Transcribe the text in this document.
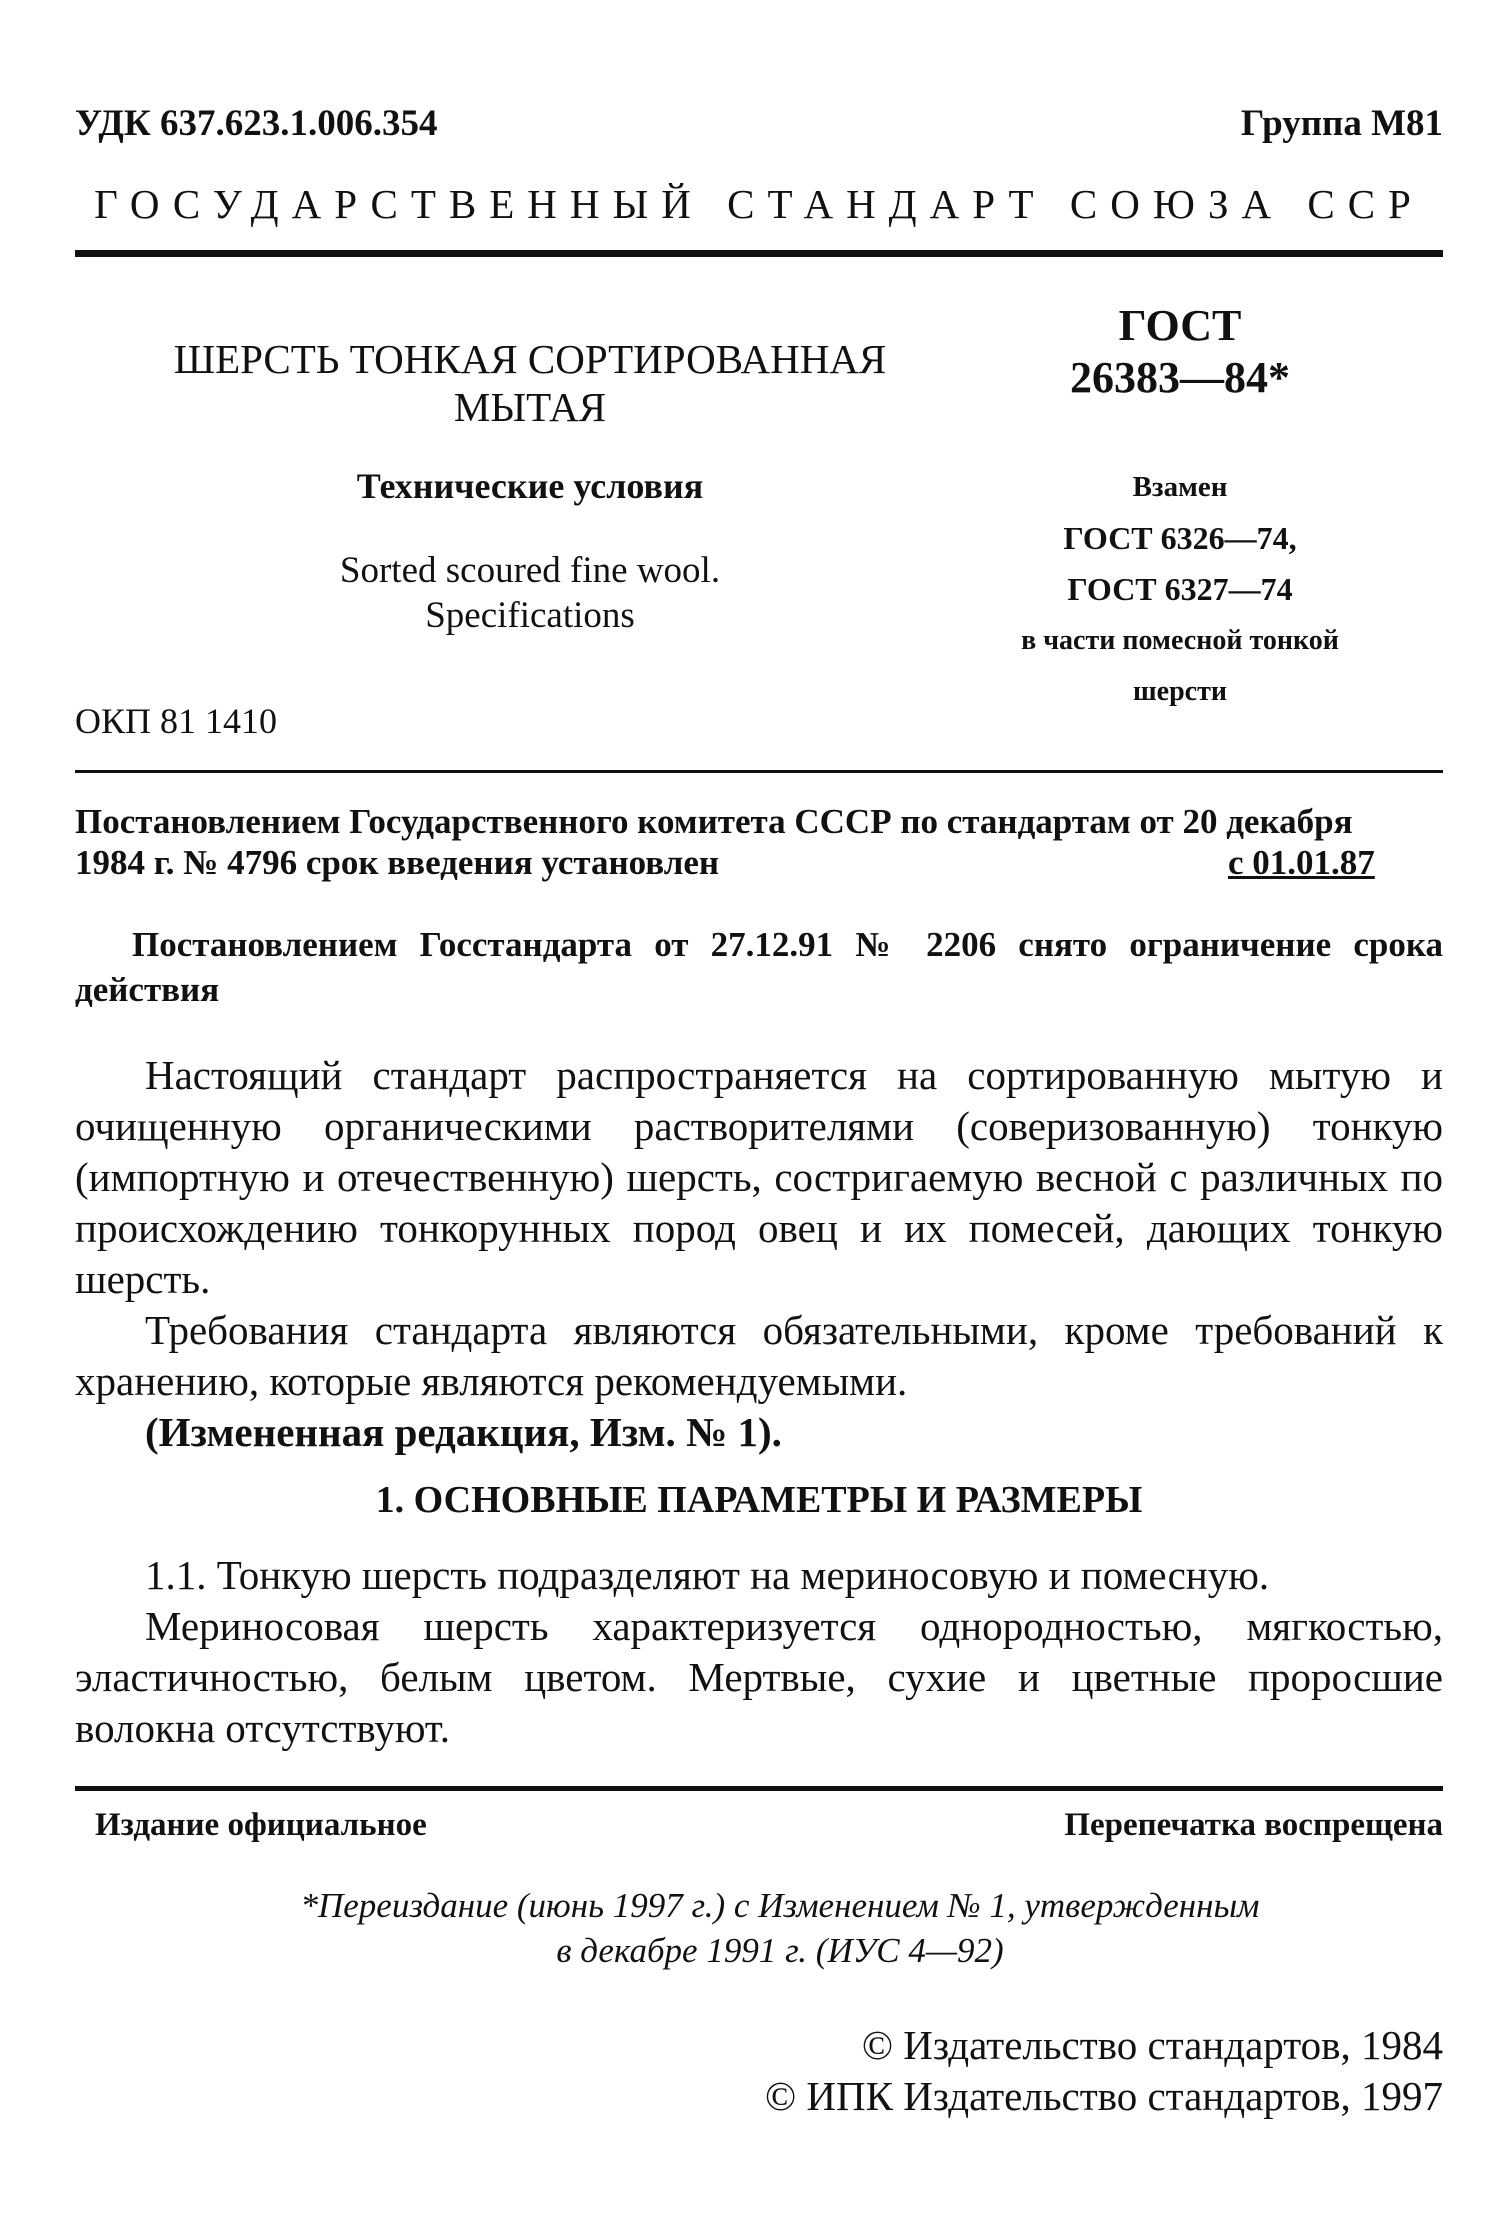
УДК 637.623.1.006.354	Группа М81
ГОСУДАРСТВЕННЫЙ СТАНДАРТ СОЮЗА ССР
ШЕРСТЬ ТОНКАЯ СОРТИРОВАННАЯ
МЫТАЯ
Технические условия
Sorted scoured fine wool.
Specifications
ОКП 81 1410
ГОСТ
26383—84*
Взамен
ГОСТ 6326—74,
ГОСТ 6327—74
в части помесной тонкой
шерсти
Постановлением Государственного комитета СССР по стандартам от 20 декабря
1984 г. № 4796 срок введения установлен	с 01.01.87
Постановлением Госстандарта от 27.12.91 № 2206 снято ограничение срока действия
Настоящий стандарт распространяется на сортированную мытую и очищенную органическими растворителями (соверизованную) тонкую (импортную и отечественную) шерсть, состригаемую весной с различных по происхождению тонкорунных пород овец и их помесей, дающих тонкую шерсть.
Требования стандарта являются обязательными, кроме требований к хранению, которые являются рекомендуемыми.
(Измененная редакция, Изм. № 1).
1. ОСНОВНЫЕ ПАРАМЕТРЫ И РАЗМЕРЫ
1.1. Тонкую шерсть подразделяют на мериносовую и помесную.
Мериносовая шерсть характеризуется однородностью, мягкостью, эластичностью, белым цветом. Мертвые, сухие и цветные проросшие волокна отсутствуют.
Издание официальное	Перепечатка воспрещена
*Переиздание (июнь 1997 г.) с Изменением № 1, утвержденным
в декабре 1991 г. (ИУС 4—92)
© Издательство стандартов, 1984
© ИПК Издательство стандартов, 1997
